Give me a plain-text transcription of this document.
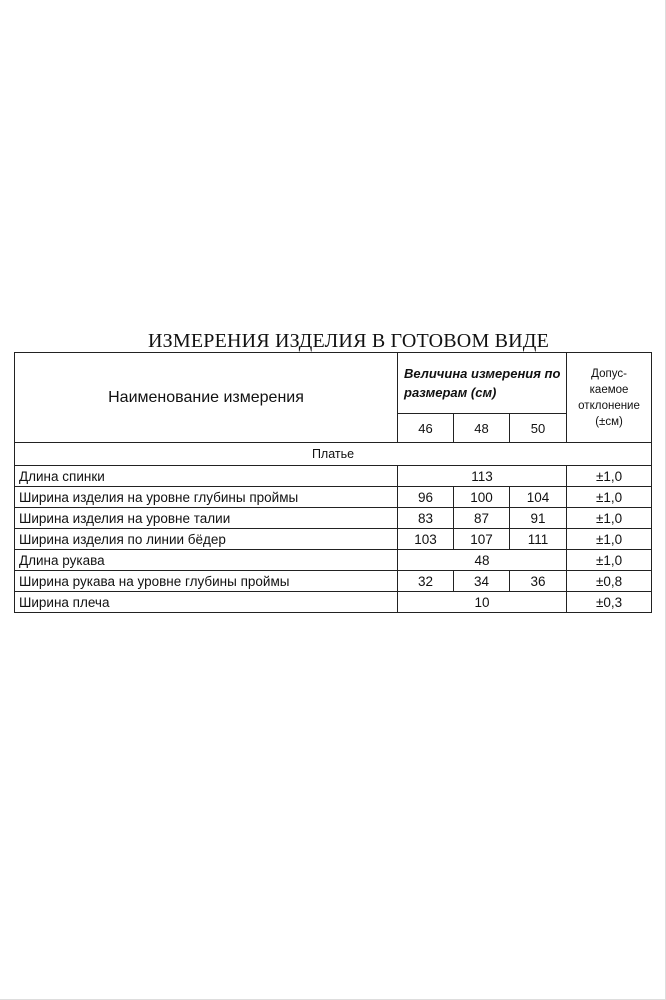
ИЗМЕРЕНИЯ ИЗДЕЛИЯ В ГОТОВОМ ВИДЕ
Наименование измерения	Величина измерения по размерам (см)			Допус-
каемое
отклонение
(±см)

	46	48	50	
Платье				
Длина спинки	113			±1,0
Ширина изделия на уровне глубины проймы	96	100	104	±1,0
Ширина изделия на уровне талии	83	87	91	±1,0
Ширина изделия по линии бёдер	103	107	111	±1,0
Длина рукава	48			±1,0
Ширина рукава на уровне глубины проймы	32	34	36	±0,8
Ширина плеча	10			±0,3
